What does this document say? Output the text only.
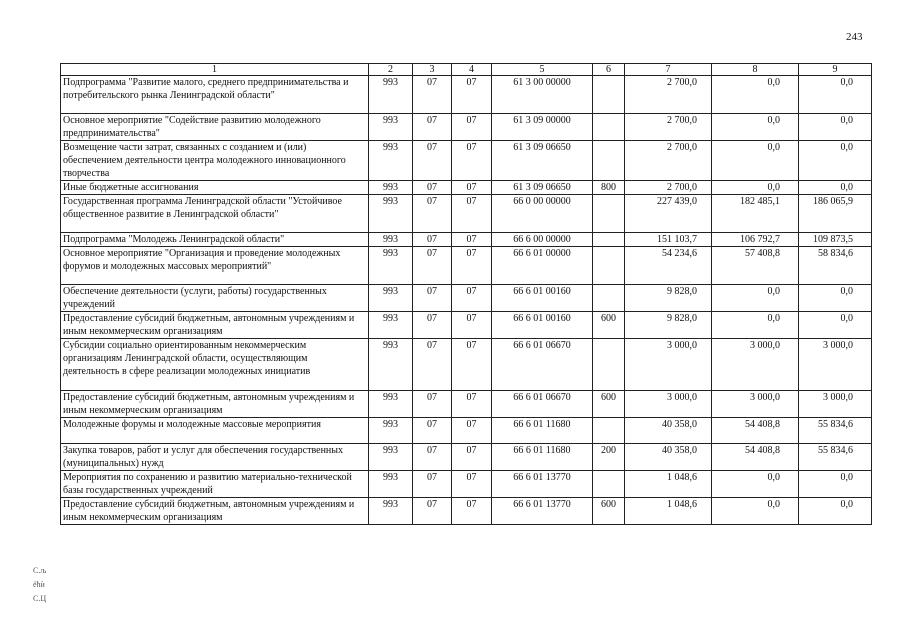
243
1	2	3	4	5	6	7	8	9
Подпрограмма "Развитие малого, среднего предпринимательства и потребительского рынка Ленинградской области"	993	07	07	61 3 00 00000		2 700,0	0,0	0,0
Основное мероприятие "Содействие развитию молодежного предпринимательства"	993	07	07	61 3 09 00000		2 700,0	0,0	0,0
Возмещение части затрат, связанных с созданием и (или) обеспечением деятельности центра молодежного инновационного творчества	993	07	07	61 3 09 06650		2 700,0	0,0	0,0
Иные бюджетные ассигнования	993	07	07	61 3 09 06650	800	2 700,0	0,0	0,0
Государственная программа Ленинградской области "Устойчивое общественное развитие в Ленинградской области"	993	07	07	66 0 00 00000		227 439,0	182 485,1	186 065,9
Подпрограмма "Молодежь Ленинградской области"	993	07	07	66 6 00 00000		151 103,7	106 792,7	109 873,5
Основное мероприятие "Организация и проведение молодежных форумов и молодежных массовых мероприятий"	993	07	07	66 6 01 00000		54 234,6	57 408,8	58 834,6
Обеспечение деятельности (услуги, работы) государственных учреждений	993	07	07	66 6 01 00160		9 828,0	0,0	0,0
Предоставление субсидий бюджетным, автономным учреждениям и иным некоммерческим организациям	993	07	07	66 6 01 00160	600	9 828,0	0,0	0,0
Субсидии социально ориентированным некоммерческим организациям Ленинградской области, осуществляющим деятельность в сфере реализации молодежных инициатив	993	07	07	66 6 01 06670		3 000,0	3 000,0	3 000,0
Предоставление субсидий бюджетным, автономным учреждениям и иным некоммерческим организациям	993	07	07	66 6 01 06670	600	3 000,0	3 000,0	3 000,0
Молодежные форумы и молодежные массовые мероприятия	993	07	07	66 6 01 11680		40 358,0	54 408,8	55 834,6
Закупка товаров, работ и услуг для обеспечения государственных (муниципальных) нужд	993	07	07	66 6 01 11680	200	40 358,0	54 408,8	55 834,6
Мероприятия по сохранению и развитию материально-технической базы государственных учреждений	993	07	07	66 6 01 13770		1 048,6	0,0	0,0
Предоставление субсидий бюджетным, автономным учреждениям и иным некоммерческим организациям	993	07	07	66 6 01 13770	600	1 048,6	0,0	0,0
С.љ
ёћѝ
С.Ц
